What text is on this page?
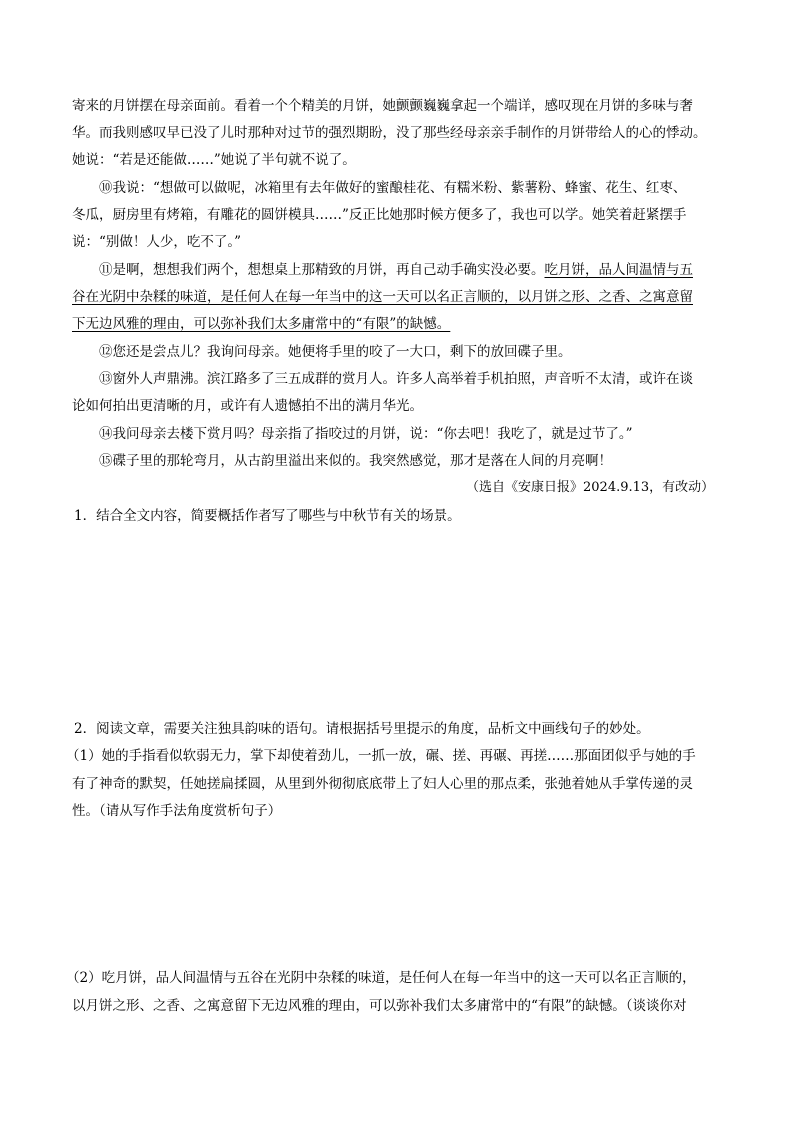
寄来的月饼摆在母亲面前。看着一个个精美的月饼，她颤颤巍巍拿起一个端详，感叹现在月饼的多味与奢
华。而我则感叹早已没了儿时那种对过节的强烈期盼，没了那些经母亲亲手制作的月饼带给人的心的悸动。
她说：“若是还能做……”她说了半句就不说了。
⑩我说：“想做可以做呢，冰箱里有去年做好的蜜酿桂花、有糯米粉、紫薯粉、蜂蜜、花生、红枣、
冬瓜，厨房里有烤箱，有雕花的圆饼模具……”反正比她那时候方便多了，我也可以学。她笑着赶紧摆手
说：“别做！人少，吃不了。”
⑪是啊，想想我们两个，想想桌上那精致的月饼，再自己动手确实没必要。吃月饼，品人间温情与五
谷在光阴中杂糅的味道，是任何人在每一年当中的这一天可以名正言顺的，以月饼之形、之香、之寓意留
下无边风雅的理由，可以弥补我们太多庸常中的“有限”的缺憾。
⑫您还是尝点儿？我询问母亲。她便将手里的咬了一大口，剩下的放回碟子里。
⑬窗外人声鼎沸。滨江路多了三五成群的赏月人。许多人高举着手机拍照，声音听不太清，或许在谈
论如何拍出更清晰的月，或许有人遗憾拍不出的满月华光。
⑭我问母亲去楼下赏月吗？母亲指了指咬过的月饼，说：“你去吧！我吃了，就是过节了。”
⑮碟子里的那轮弯月，从古韵里溢出来似的。我突然感觉，那才是落在人间的月亮啊！
（选自《安康日报》2024.9.13，有改动）
1．结合全文内容，简要概括作者写了哪些与中秋节有关的场景。
2．阅读文章，需要关注独具韵味的语句。请根据括号里提示的角度，品析文中画线句子的妙处。
（1）她的手指看似软弱无力，掌下却使着劲儿，一抓一放，碾、搓、再碾、再搓……那面团似乎与她的手
有了神奇的默契，任她搓扁揉圆，从里到外彻彻底底带上了妇人心里的那点柔，张弛着她从手掌传递的灵
性。（请从写作手法角度赏析句子）
（2）吃月饼，品人间温情与五谷在光阴中杂糅的味道，是任何人在每一年当中的这一天可以名正言顺的，
以月饼之形、之香、之寓意留下无边风雅的理由，可以弥补我们太多庸常中的“有限”的缺憾。（谈谈你对
